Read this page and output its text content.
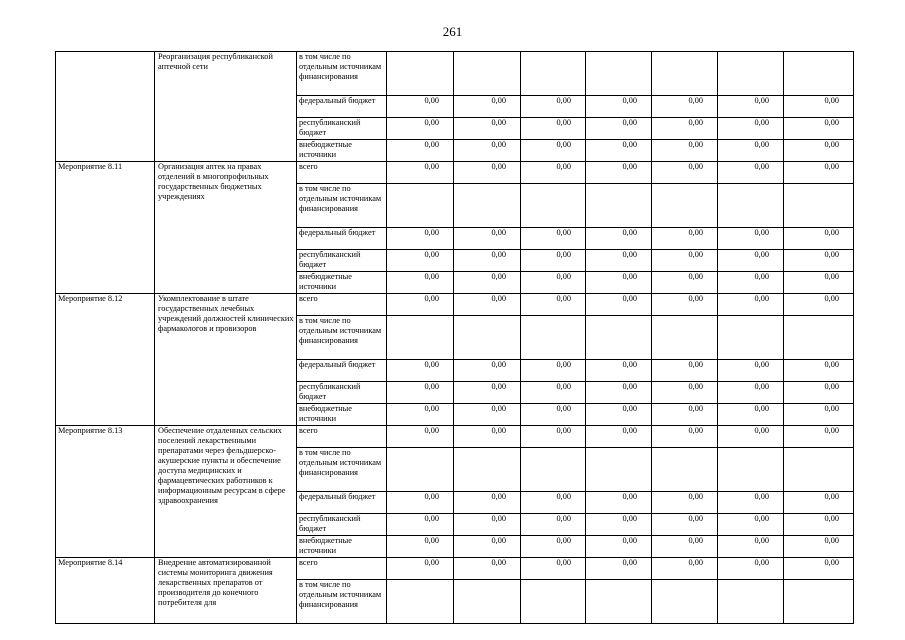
261
	Реорганизация республиканской аптечной сети	в том числе по отдельным источникам финансирования							
		федеральный бюджет	0,00	0,00	0,00	0,00	0,00	0,00	0,00
		республиканский бюджет	0,00	0,00	0,00	0,00	0,00	0,00	0,00
		внебюджетные источники	0,00	0,00	0,00	0,00	0,00	0,00	0,00
Мероприятие 8.11	Организация аптек на правах отделений в многопрофильных государственных бюджетных учреждениях	всего	0,00	0,00	0,00	0,00	0,00	0,00	0,00
		в том числе по отдельным источникам финансирования							
		федеральный бюджет	0,00	0,00	0,00	0,00	0,00	0,00	0,00
		республиканский бюджет	0,00	0,00	0,00	0,00	0,00	0,00	0,00
		внебюджетные источники	0,00	0,00	0,00	0,00	0,00	0,00	0,00
Мероприятие 8.12	Укомплектование в штате государственных лечебных учреждений должностей клинических фармакологов и провизоров	всего	0,00	0,00	0,00	0,00	0,00	0,00	0,00
		в том числе по отдельным источникам финансирования							
		федеральный бюджет	0,00	0,00	0,00	0,00	0,00	0,00	0,00
		республиканский бюджет	0,00	0,00	0,00	0,00	0,00	0,00	0,00
		внебюджетные источники	0,00	0,00	0,00	0,00	0,00	0,00	0,00
Мероприятие 8.13	Обеспечение отдаленных сельских поселений лекарственными препаратами через фельдшерско-акушерские пункты и обеспечение доступа медицинских и фармацевтических работников к информационным ресурсам в сфере здравоохранения	всего	0,00	0,00	0,00	0,00	0,00	0,00	0,00
		в том числе по отдельным источникам финансирования							
		федеральный бюджет	0,00	0,00	0,00	0,00	0,00	0,00	0,00
		республиканский бюджет	0,00	0,00	0,00	0,00	0,00	0,00	0,00
		внебюджетные источники	0,00	0,00	0,00	0,00	0,00	0,00	0,00
Мероприятие 8.14	Внедрение автоматизированной системы мониторинга движения лекарственных препаратов от производителя до конечного потребителя для	всего	0,00	0,00	0,00	0,00	0,00	0,00	0,00
		в том числе по отдельным источникам финансирования							
